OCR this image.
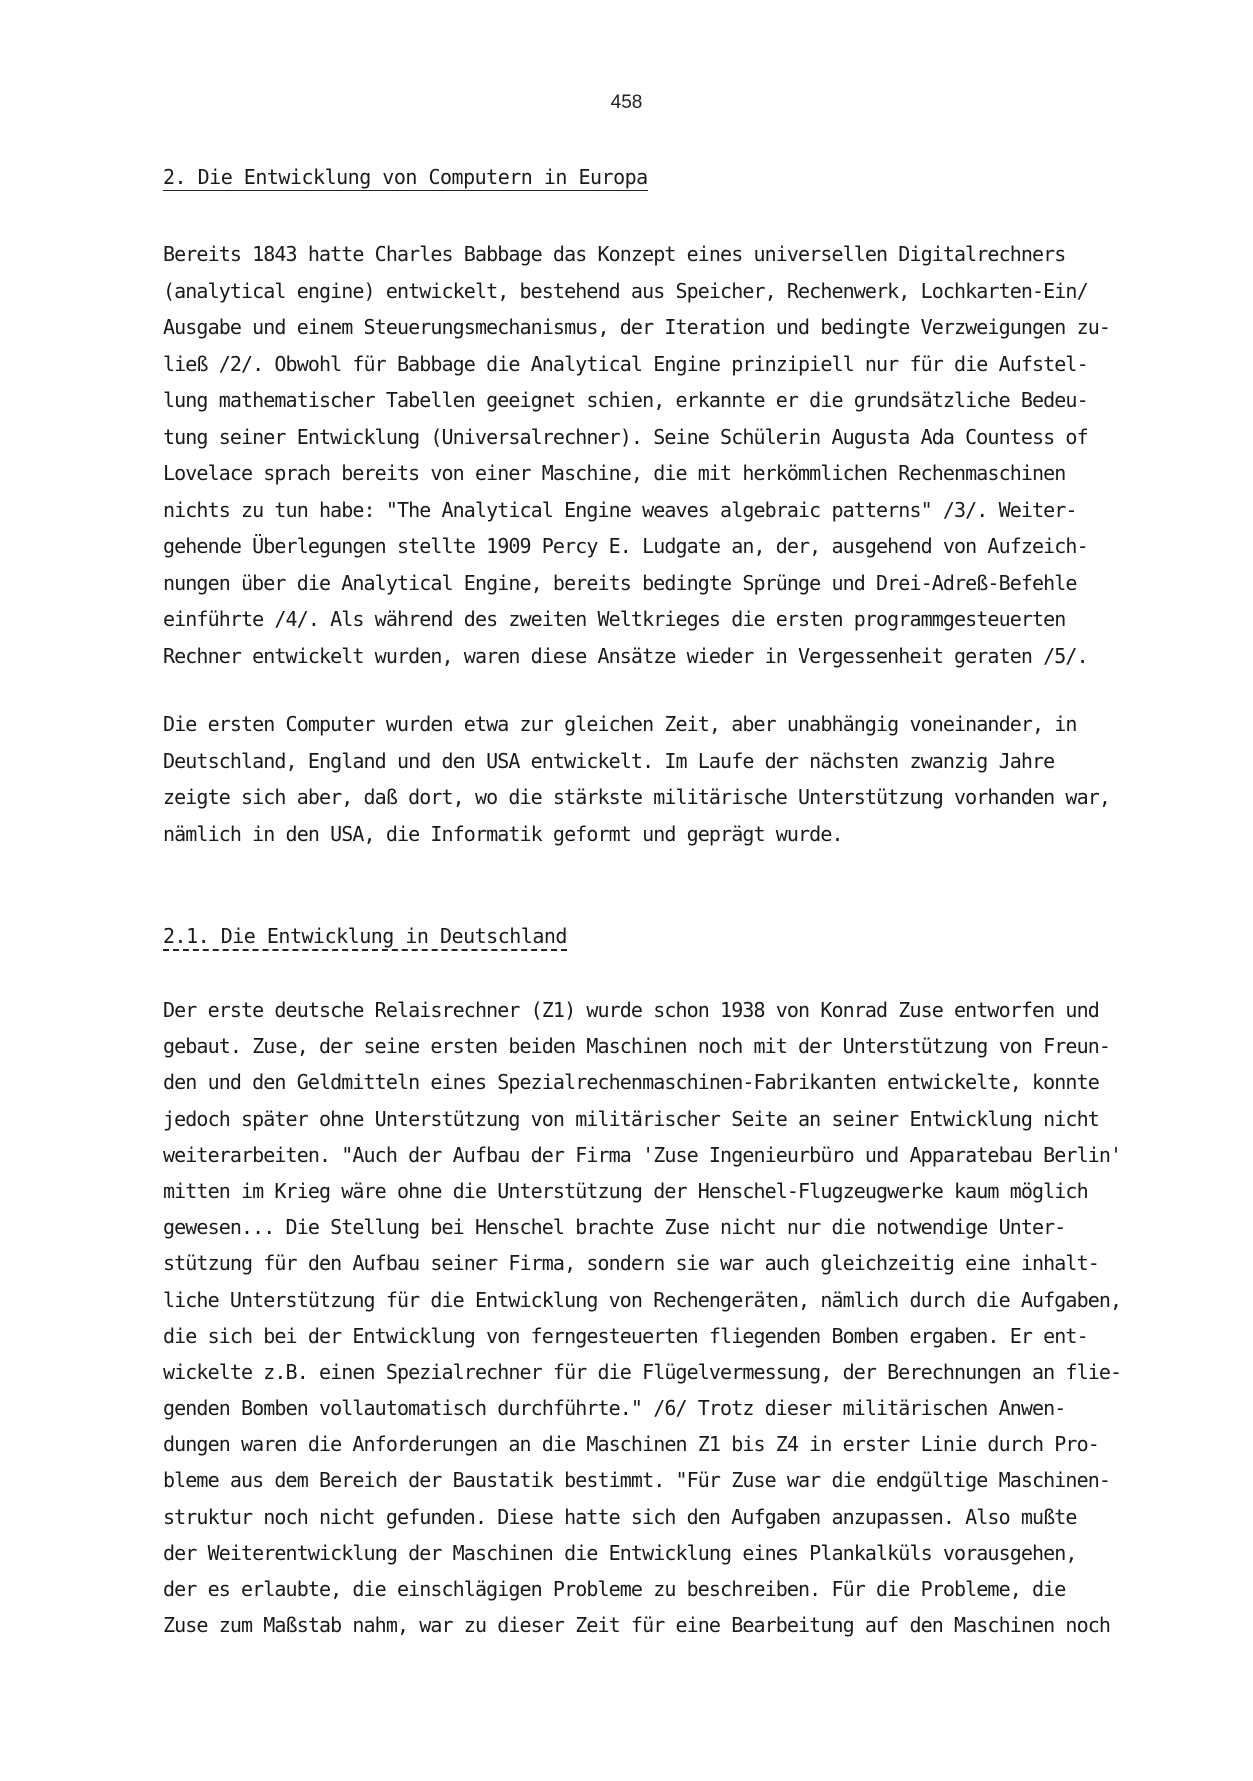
458
2. Die Entwicklung von Computern in Europa
Bereits 1843 hatte Charles Babbage das Konzept eines universellen Digitalrechners
(analytical engine) entwickelt, bestehend aus Speicher, Rechenwerk, Lochkarten-Ein/
Ausgabe und einem Steuerungsmechanismus, der Iteration und bedingte Verzweigungen zu-
ließ /2/. Obwohl für Babbage die Analytical Engine prinzipiell nur für die Aufstel-
lung mathematischer Tabellen geeignet schien, erkannte er die grundsätzliche Bedeu-
tung seiner Entwicklung (Universalrechner). Seine Schülerin Augusta Ada Countess of
Lovelace sprach bereits von einer Maschine, die mit herkömmlichen Rechenmaschinen
nichts zu tun habe: "The Analytical Engine weaves algebraic patterns" /3/. Weiter-
gehende Überlegungen stellte 1909 Percy E. Ludgate an, der, ausgehend von Aufzeich-
nungen über die Analytical Engine, bereits bedingte Sprünge und Drei-Adreß-Befehle
einführte /4/. Als während des zweiten Weltkrieges die ersten programmgesteuerten
Rechner entwickelt wurden, waren diese Ansätze wieder in Vergessenheit geraten /5/.
Die ersten Computer wurden etwa zur gleichen Zeit, aber unabhängig voneinander, in
Deutschland, England und den USA entwickelt. Im Laufe der nächsten zwanzig Jahre
zeigte sich aber, daß dort, wo die stärkste militärische Unterstützung vorhanden war,
nämlich in den USA, die Informatik geformt und geprägt wurde.
2.1. Die Entwicklung in Deutschland
Der erste deutsche Relaisrechner (Z1) wurde schon 1938 von Konrad Zuse entworfen und
gebaut. Zuse, der seine ersten beiden Maschinen noch mit der Unterstützung von Freun-
den und den Geldmitteln eines Spezialrechenmaschinen-Fabrikanten entwickelte, konnte
jedoch später ohne Unterstützung von militärischer Seite an seiner Entwicklung nicht
weiterarbeiten. "Auch der Aufbau der Firma 'Zuse Ingenieurbüro und Apparatebau Berlin'
mitten im Krieg wäre ohne die Unterstützung der Henschel-Flugzeugwerke kaum möglich
gewesen... Die Stellung bei Henschel brachte Zuse nicht nur die notwendige Unter-
stützung für den Aufbau seiner Firma, sondern sie war auch gleichzeitig eine inhalt-
liche Unterstützung für die Entwicklung von Rechengeräten, nämlich durch die Aufgaben,
die sich bei der Entwicklung von ferngesteuerten fliegenden Bomben ergaben. Er ent-
wickelte z.B. einen Spezialrechner für die Flügelvermessung, der Berechnungen an flie-
genden Bomben vollautomatisch durchführte." /6/ Trotz dieser militärischen Anwen-
dungen waren die Anforderungen an die Maschinen Z1 bis Z4 in erster Linie durch Pro-
bleme aus dem Bereich der Baustatik bestimmt. "Für Zuse war die endgültige Maschinen-
struktur noch nicht gefunden. Diese hatte sich den Aufgaben anzupassen. Also mußte
der Weiterentwicklung der Maschinen die Entwicklung eines Plankalküls vorausgehen,
der es erlaubte, die einschlägigen Probleme zu beschreiben. Für die Probleme, die
Zuse zum Maßstab nahm, war zu dieser Zeit für eine Bearbeitung auf den Maschinen noch
